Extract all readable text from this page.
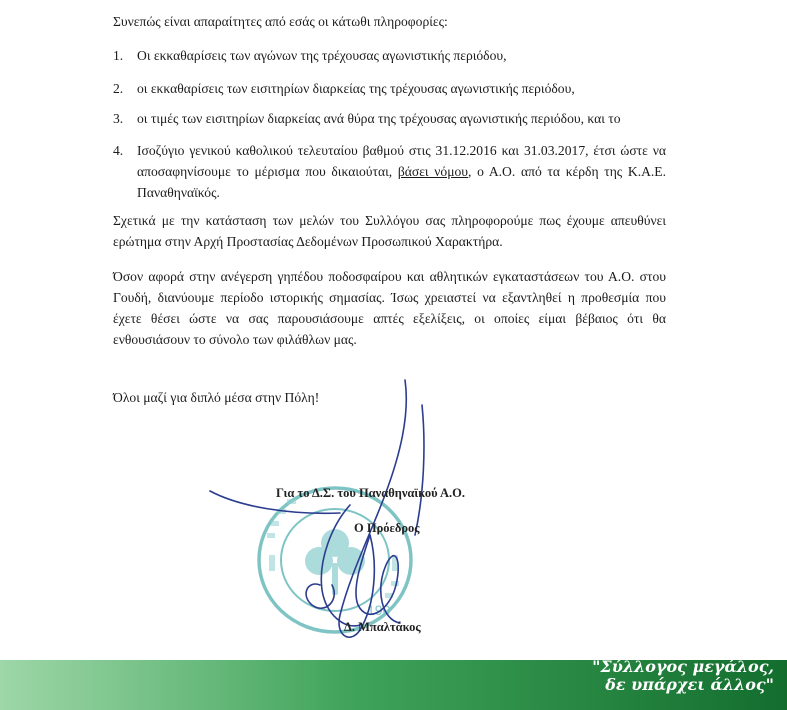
Συνεπώς είναι απαραίτητες από εσάς οι κάτωθι πληροφορίες:

1.	Οι εκκαθαρίσεις των αγώνων της τρέχουσας αγωνιστικής περιόδου,
2.	οι εκκαθαρίσεις των εισιτηρίων διαρκείας της τρέχουσας αγωνιστικής περιόδου,
3.	οι τιμές των εισιτηρίων διαρκείας ανά θύρα της τρέχουσας αγωνιστικής περιόδου, και το
4.	Ισοζύγιο γενικού καθολικού τελευταίου βαθμού στις 31.12.2016 και 31.03.2017, έτσι ώστε να αποσαφηνίσουμε το μέρισμα που δικαιούται, βάσει νόμου, ο Α.Ο. από τα κέρδη της Κ.Α.Ε. Παναθηναϊκός.

Σχετικά με την κατάσταση των μελών του Συλλόγου σας πληροφορούμε πως έχουμε απευθύνει ερώτημα στην Αρχή Προστασίας Δεδομένων Προσωπικού Χαρακτήρα.

Όσον αφορά στην ανέγερση γηπέδου ποδοσφαίρου και αθλητικών εγκαταστάσεων του Α.Ο. στου Γουδή, διανύουμε περίοδο ιστορικής σημασίας. Ίσως χρειαστεί να εξαντληθεί η προθεσμία που έχετε θέσει ώστε να σας παρουσιάσουμε απτές εξελίξεις, οι οποίες είμαι βέβαιος ότι θα ενθουσιάσουν το σύνολο των φιλάθλων μας.

Όλοι μαζί για διπλό μέσα στην Πόλη!

190
Για το Δ.Σ. του Παναθηναϊκού Α.Ο.
Ο Πρόεδρος
Δ. Μπαλτάκος
"Σύλλογος μεγάλος,
δε υπάρχει άλλος"
